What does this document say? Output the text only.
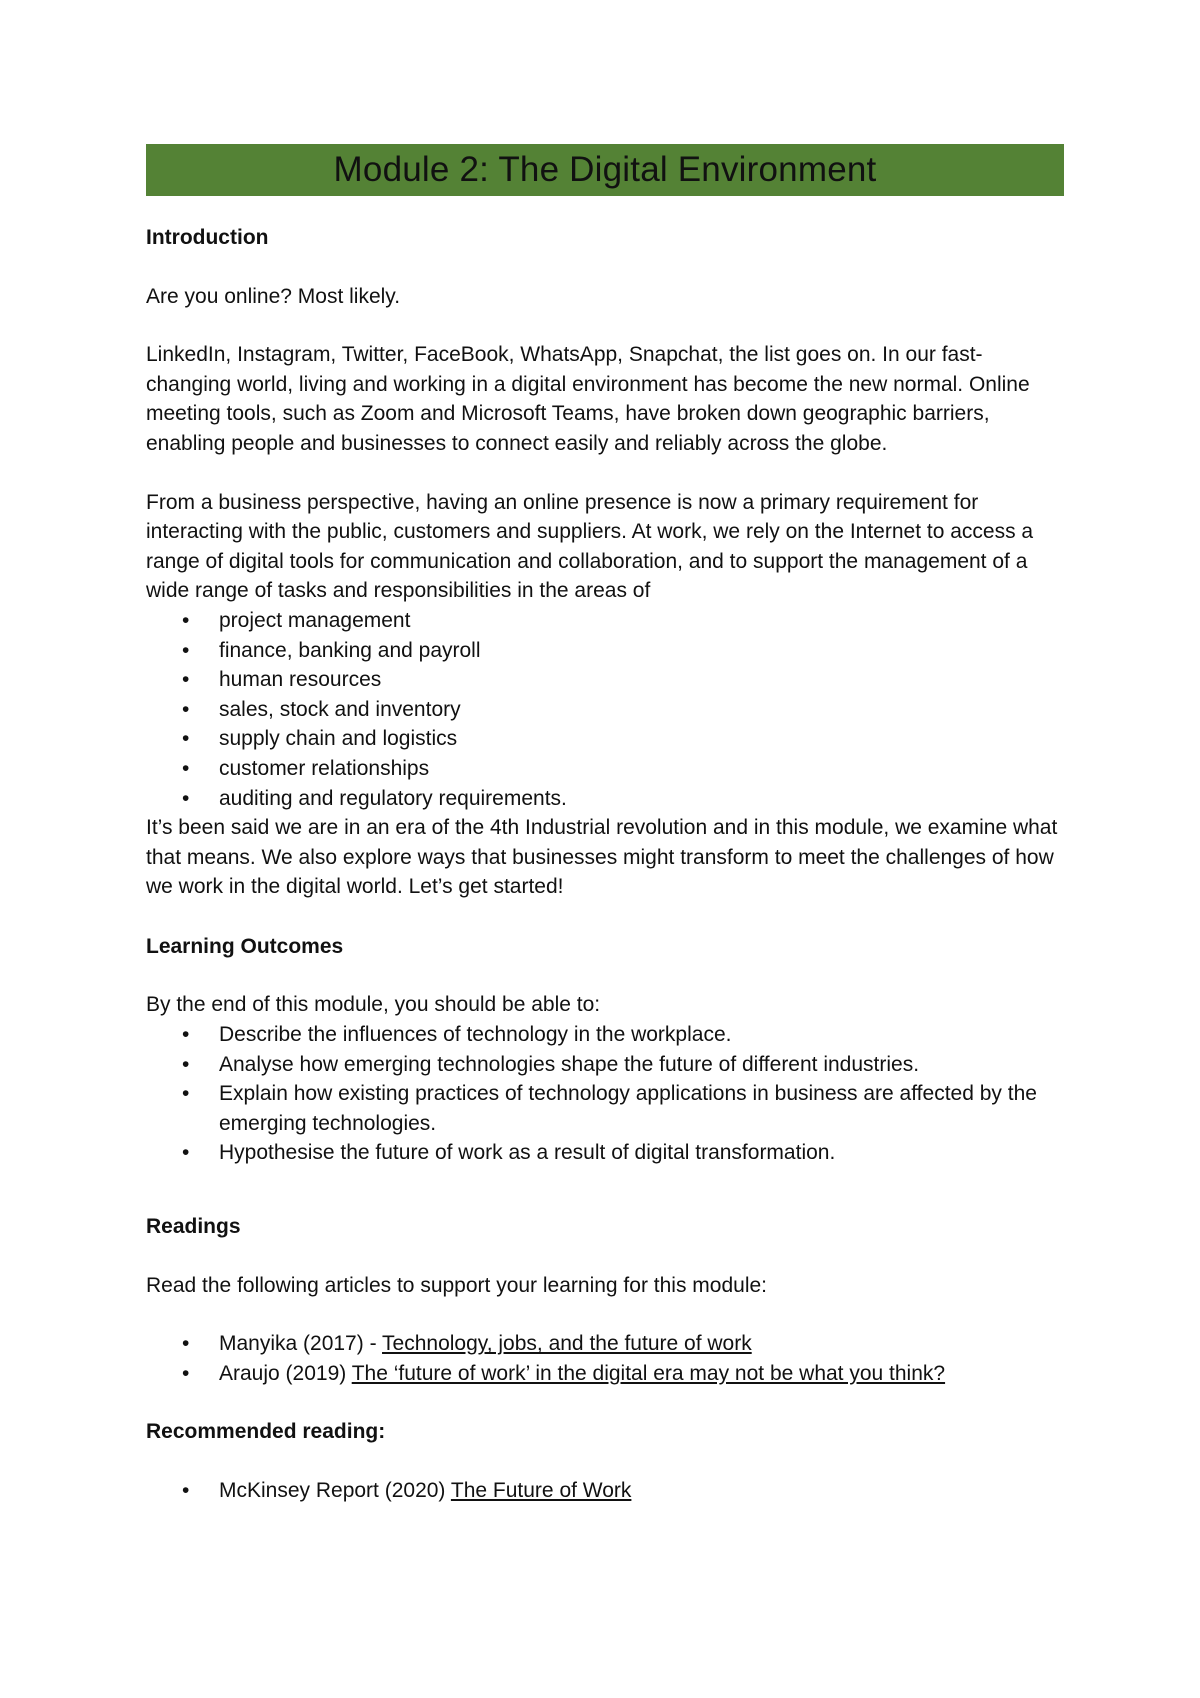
Module 2: The Digital Environment

Introduction

Are you online? Most likely.

LinkedIn, Instagram, Twitter, FaceBook, WhatsApp, Snapchat, the list goes on. In our fast-changing world, living and working in a digital environment has become the new normal. Online meeting tools, such as Zoom and Microsoft Teams, have broken down geographic barriers, enabling people and businesses to connect easily and reliably across the globe.

From a business perspective, having an online presence is now a primary requirement for interacting with the public, customers and suppliers. At work, we rely on the Internet to access a range of digital tools for communication and collaboration, and to support the management of a wide range of tasks and responsibilities in the areas of

• project management
• finance, banking and payroll
• human resources
• sales, stock and inventory
• supply chain and logistics
• customer relationships
• auditing and regulatory requirements.

It’s been said we are in an era of the 4th Industrial revolution and in this module, we examine what that means. We also explore ways that businesses might transform to meet the challenges of how we work in the digital world. Let’s get started!

Learning Outcomes

By the end of this module, you should be able to:

• Describe the influences of technology in the workplace.
• Analyse how emerging technologies shape the future of different industries.
• Explain how existing practices of technology applications in business are affected by the emerging technologies.
• Hypothesise the future of work as a result of digital transformation.

Readings

Read the following articles to support your learning for this module:

• Manyika (2017) - Technology, jobs, and the future of work
• Araujo (2019) The ‘future of work’ in the digital era may not be what you think?

Recommended reading:

• McKinsey Report (2020) The Future of Work
